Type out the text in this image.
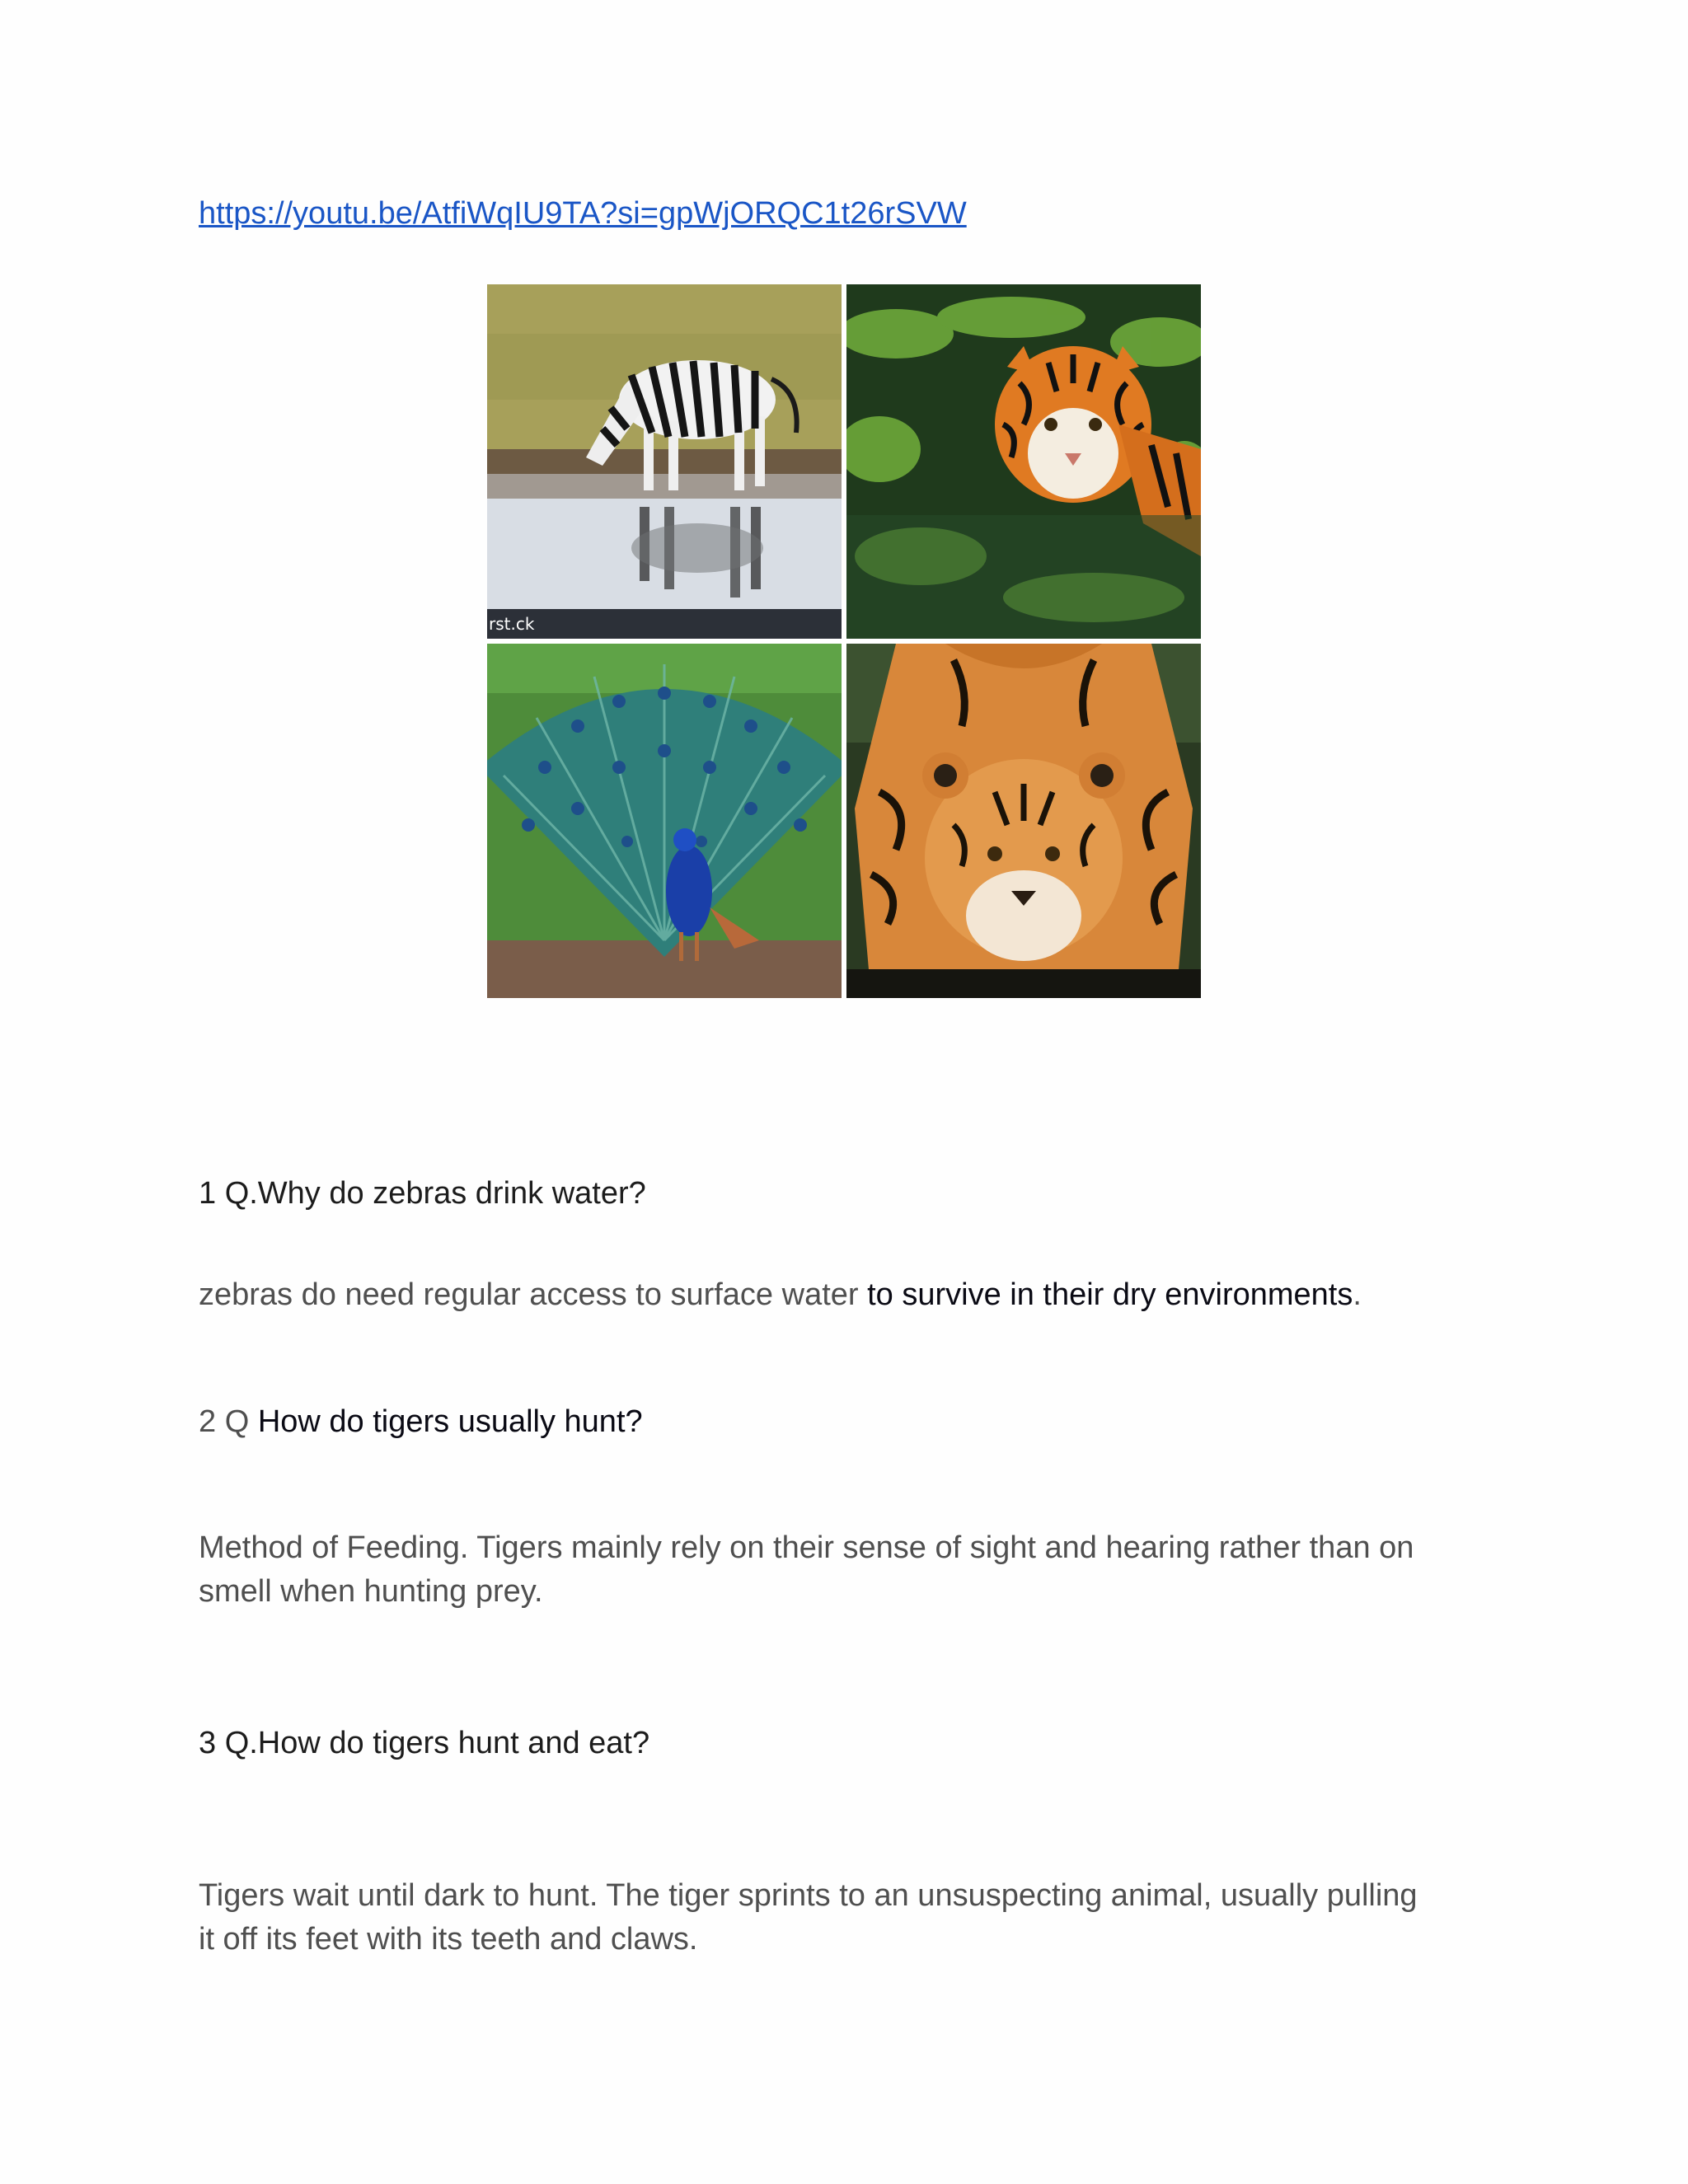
https://youtu.be/AtfiWqIU9TA?si=gpWjORQC1t26rSVW
rst.ck
1 Q.Why do zebras drink water?
zebras do need regular access to surface water to survive in their dry environments.
2 Q How do tigers usually hunt?
Method of Feeding. Tigers mainly rely on their sense of sight and hearing rather than on
smell when hunting prey.
3 Q.How do tigers hunt and eat?
Tigers wait until dark to hunt. The tiger sprints to an unsuspecting animal, usually pulling
it off its feet with its teeth and claws.
